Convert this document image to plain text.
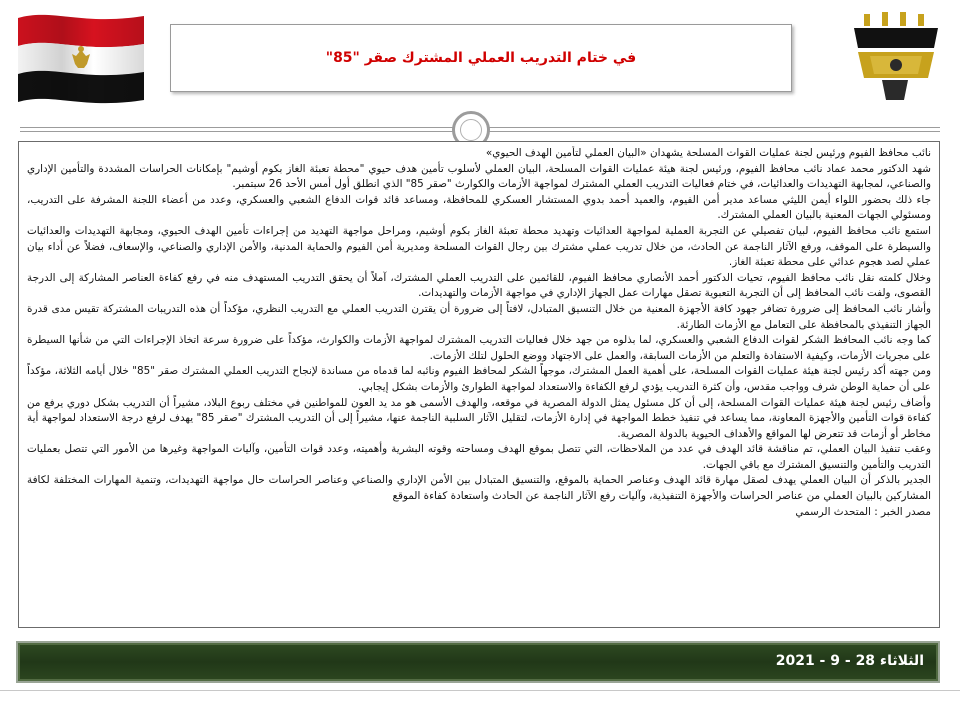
في ختام التدريب العملي المشترك صقر "85"

نائب محافظ الفيوم ورئيس لجنة عمليات القوات المسلحة يشهدان «البيان العملي لتأمين الهدف الحيوي»

شهد الدكتور محمد عماد نائب محافظ الفيوم، ورئيس لجنة هيئة عمليات القوات المسلحة، البيان العملي لأسلوب تأمين هدف حيوي "محطة تعبئة الغاز بكوم أوشيم" بإمكانات الحراسات المشددة والتأمين الإداري والصناعي، لمجابهة التهديدات والعدائيات، في ختام فعاليات التدريب العملي المشترك لمواجهة الأزمات والكوارث "صقر 85" الذي انطلق أول أمس الأحد 26 سبتمبر.

جاء ذلك بحضور اللواء أيمن الليثي مساعد مدير أمن الفيوم، والعميد أحمد بدوي المستشار العسكري للمحافظة، ومساعد قائد قوات الدفاع الشعبي والعسكري، وعدد من أعضاء اللجنة المشرفة على التدريب، ومسئولي الجهات المعنية بالبيان العملي المشترك.

استمع نائب محافظ الفيوم، لبيان تفصيلي عن التجربة العملية لمواجهة العدائيات وتهديد محطة تعبئة الغاز بكوم أوشيم، ومراحل مواجهة التهديد من إجراءات تأمين الهدف الحيوي، ومجابهة التهديدات والعدائيات والسيطرة على الموقف، ورفع الآثار الناجمة عن الحادث، من خلال تدريب عملي مشترك بين رجال القوات المسلحة ومديرية أمن الفيوم والحماية المدنية، والأمن الإداري والصناعي، والإسعاف، فضلاً عن أداء بيان عملي لصد هجوم عدائي على محطة تعبئة الغاز.

وخلال كلمته نقل نائب محافظ الفيوم، تحيات الدكتور أحمد الأنصاري محافظ الفيوم، للقائمين على التدريب العملي المشترك، آملاً أن يحقق التدريب المستهدف منه في رفع كفاءة العناصر المشاركة إلى الدرجة القصوى، ولفت نائب المحافظ إلى أن التجربة التعبوية تصقل مهارات عمل الجهاز الإداري في مواجهة الأزمات والتهديدات.

وأشار نائب المحافظ إلى ضرورة تضافر جهود كافة الأجهزة المعنية من خلال التنسيق المتبادل، لافتاً إلى ضرورة أن يقترن التدريب العملي مع التدريب النظري، مؤكداً أن هذه التدريبات المشتركة تقيس مدى قدرة الجهاز التنفيذي بالمحافظة على التعامل مع الأزمات الطارئة.

كما وجه نائب المحافظ الشكر لقوات الدفاع الشعبي والعسكري، لما بذلوه من جهد خلال فعاليات التدريب المشترك لمواجهة الأزمات والكوارث، مؤكداً على ضرورة سرعة اتخاذ الإجراءات التي من شأنها السيطرة على مجريات الأزمات، وكيفية الاستفادة والتعلم من الأزمات السابقة، والعمل على الاجتهاد ووضع الحلول لتلك الأزمات.

ومن جهته أكد رئيس لجنة هيئة عمليات القوات المسلحة، على أهمية العمل المشترك، موجهاً الشكر لمحافظ الفيوم ونائبه لما قدماه من مساندة لإنجاح التدريب العملي المشترك صقر "85" خلال أيامه الثلاثة، مؤكداً على أن حماية الوطن شرف وواجب مقدس، وأن كثرة التدريب يؤدي لرفع الكفاءة والاستعداد لمواجهة الطوارئ والأزمات بشكل إيجابي.

وأضاف رئيس لجنة هيئة عمليات القوات المسلحة، إلى أن كل مسئول يمثل الدولة المصرية في موقعه، والهدف الأسمى هو مد يد العون للمواطنين في مختلف ربوع البلاد، مشيراً أن التدريب بشكل دوري يرفع من كفاءة قوات التأمين والأجهزة المعاونة، مما يساعد في تنفيذ خطط المواجهة في إدارة الأزمات، لتقليل الآثار السلبية الناجمة عنها، مشيراً إلى أن التدريب المشترك "صقر 85" يهدف لرفع درجة الاستعداد لمواجهة أية مخاطر أو أزمات قد تتعرض لها المواقع والأهداف الحيوية بالدولة المصرية.

وعقب تنفيذ البيان العملي، تم مناقشة قائد الهدف في عدد من الملاحظات، التي تتصل بموقع الهدف ومساحته وقوته البشرية وأهميته، وعدد قوات التأمين، وآليات المواجهة وغيرها من الأمور التي تتصل بعمليات التدريب والتأمين والتنسيق المشترك مع باقي الجهات.

الجدير بالذكر أن البيان العملي يهدف لصقل مهارة قائد الهدف وعناصر الحماية بالموقع، والتنسيق المتبادل بين الأمن الإداري والصناعي وعناصر الحراسات حال مواجهة التهديدات، وتنمية المهارات المختلفة لكافة المشاركين بالبيان العملي من عناصر الحراسات والأجهزة التنفيذية، وآليات رفع الآثار الناجمة عن الحادث واستعادة كفاءة الموقع

مصدر الخبر : المتحدث الرسمي

الثلاثاء 28 - 9 - 2021
